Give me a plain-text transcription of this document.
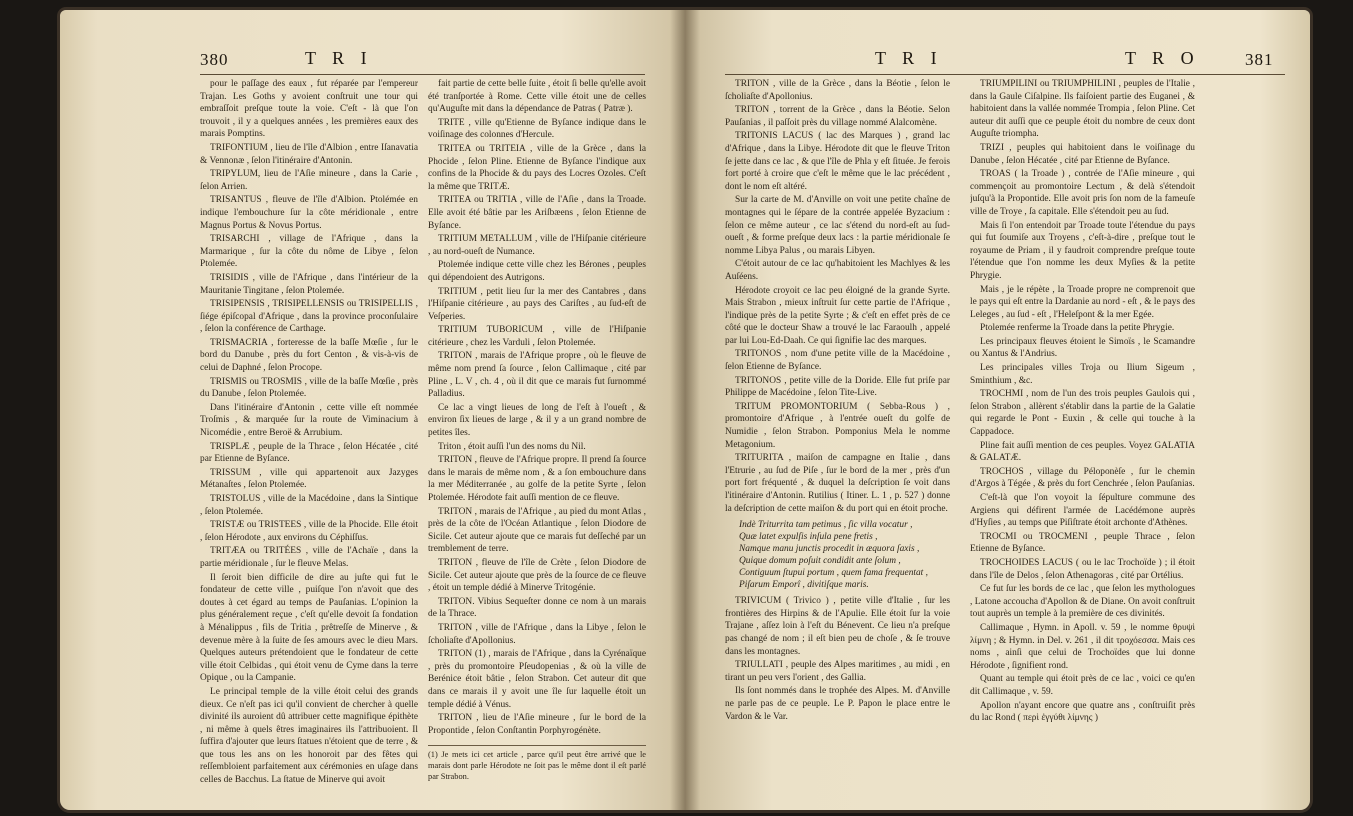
380	T R I

pour le paſſage des eaux , fut réparée par l'empereur Trajan. Les Goths y avoient conſtruit une tour qui embraſſoit preſque toute la voie. C'eſt - là que l'on trouvoit , il y a quelques années , les premières eaux des marais Pomptins.

TRIFONTIUM , lieu de l'île d'Albion , entre Iſanavatia & Vennonæ , ſelon l'itinéraire d'Antonin.

TRIPYLUM, lieu de l'Aſie mineure , dans la Carie , ſelon Arrien.

TRISANTUS , fleuve de l'île d'Albion. Ptolémée en indique l'embouchure ſur la côte méridionale , entre Magnus Portus & Novus Portus.

TRISARCHI , village de l'Afrique , dans la Marmarique , ſur la côte du nôme de Libye , ſelon Ptolemée.

TRISIDIS , ville de l'Afrique , dans l'intérieur de la Mauritanie Tingitane , ſelon Ptolemée.

TRISIPENSIS , TRISIPELLENSIS ou TRISIPELLIS , ſiége épiſcopal d'Afrique , dans la province proconſulaire , ſelon la conférence de Carthage.

TRISMACRIA , forteresse de la baſſe Mœſie , ſur le bord du Danube , près du fort Centon , & vis-à-vis de celui de Daphné , ſelon Procope.

TRISMIS ou TROSMIS , ville de la baſſe Mœſie , près du Danube , ſelon Ptolemée.

Dans l'itinéraire d'Antonin , cette ville eſt nommée Troſmis , & marquée ſur la route de Viminacium à Nicomédie , entre Beroë & Arrubium.

TRISPLÆ , peuple de la Thrace , ſelon Hécatée , cité par Etienne de Byſance.

TRISSUM , ville qui appartenoit aux Jazyges Métanaſtes , ſelon Ptolemée.

TRISTOLUS , ville de la Macédoine , dans la Sintique , ſelon Ptolemée.

TRISTÆ ou TRISTEES , ville de la Phocide. Elle étoit , ſelon Hérodote , aux environs du Céphiſſus.

TRITÆA ou TRITÉES , ville de l'Achaïe , dans la partie méridionale , ſur le fleuve Melas.

Il ſeroit bien difficile de dire au juſte qui fut le fondateur de cette ville , puiſque l'on n'avoit que des doutes à cet égard au temps de Pauſanias. L'opinion la plus généralement reçue , c'eſt qu'elle devoit ſa fondation à Ménalippus , fils de Tritia , prêtreſſe de Minerve , & devenue mère à la ſuite de ſes amours avec le dieu Mars. Quelques auteurs prétendoient que le fondateur de cette ville étoit Celbidas , qui étoit venu de Cyme dans la terre Opique , ou la Campanie.

Le principal temple de la ville étoit celui des grands dieux. Ce n'eſt pas ici qu'il convient de chercher à quelle divinité ils auroient dû attribuer cette magnifique épithète , ni même à quels êtres imaginaires ils l'attribuoient. Il ſuffira d'ajouter que leurs ſtatues n'étoient que de terre , & que tous les ans on les honoroit par des fêtes qui reſſembloient parfaitement aux cérémonies en uſage dans celles de Bacchus. La ſtatue de Minerve qui avoit

fait partie de cette belle ſuite , étoit ſi belle qu'elle avoit été tranſportée à Rome. Cette ville étoit une de celles qu'Auguſte mit dans la dépendance de Patras ( Patræ ).

TRITE , ville qu'Etienne de Byſance indique dans le voiſinage des colonnes d'Hercule.

TRITEA ou TRITEIA , ville de la Grèce , dans la Phocide , ſelon Pline. Etienne de Byſance l'indique aux confins de la Phocide & du pays des Locres Ozoles. C'eſt la même que TRITÆ.

TRITEA ou TRITIA , ville de l'Aſie , dans la Troade. Elle avoit été bâtie par les Ariſbæens , ſelon Etienne de Byſance.

TRITIUM METALLUM , ville de l'Hiſpanie citérieure , au nord-oueſt de Numance.

Ptolemée indique cette ville chez les Bérones , peuples qui dépendoient des Autrigons.

TRITIUM , petit lieu ſur la mer des Cantabres , dans l'Hiſpanie citérieure , au pays des Cariſtes , au ſud-eſt de Veſperies.

TRITIUM TUBORICUM , ville de l'Hiſpanie citérieure , chez les Varduli , ſelon Ptolemée.

TRITON , marais de l'Afrique propre , où le fleuve de même nom prend ſa ſource , ſelon Callimaque , cité par Pline , L. V , ch. 4 , où il dit que ce marais fut ſurnommé Palladius.

Ce lac a vingt lieues de long de l'eſt à l'oueſt , & environ ſix lieues de large , & il y a un grand nombre de petites îles.

Triton , étoit auſſi l'un des noms du Nil.

TRITON , fleuve de l'Afrique propre. Il prend ſa ſource dans le marais de même nom , & a ſon embouchure dans la mer Méditerranée , au golfe de la petite Syrte , ſelon Ptolemée. Hérodote fait auſſi mention de ce fleuve.

TRITON , marais de l'Afrique , au pied du mont Atlas , près de la côte de l'Océan Atlantique , ſelon Diodore de Sicile. Cet auteur ajoute que ce marais fut deſſeché par un tremblement de terre.

TRITON , fleuve de l'île de Crète , ſelon Diodore de Sicile. Cet auteur ajoute que près de la ſource de ce fleuve , étoit un temple dédié à Minerve Tritogénie.

TRITON. Vibius Sequeſter donne ce nom à un marais de la Thrace.

TRITON , ville de l'Afrique , dans la Libye , ſelon le ſcholiaſte d'Apollonius.

TRITON (1) , marais de l'Afrique , dans la Cyrénaïque , près du promontoire Pſeudopenias , & où la ville de Berénice étoit bâtie , ſelon Strabon. Cet auteur dit que dans ce marais il y avoit une île ſur laquelle étoit un temple dédié à Vénus.

TRITON , lieu de l'Aſie mineure , ſur le bord de la Propontide , ſelon Conſtantin Porphyrogénète.

(1) Je mets ici cet article , parce qu'il peut être arrivé que le marais dont parle Hérodote ne ſoit pas le même dont il eſt parlé par Strabon.
T R I	T R O	381

TRITON , ville de la Grèce , dans la Béotie , ſelon le ſcholiaſte d'Apollonius.

TRITON , torrent de la Grèce , dans la Béotie. Selon Pauſanias , il paſſoit près du village nommé Alalcomène.

TRITONIS LACUS ( lac des Marques ) , grand lac d'Afrique , dans la Libye. Hérodote dit que le fleuve Triton ſe jette dans ce lac , & que l'île de Phla y eſt ſituée. Je ferois fort porté à croire que c'eſt le même que le lac précédent , dont le nom eſt altéré.

Sur la carte de M. d'Anville on voit une petite chaîne de montagnes qui le ſépare de la contrée appelée Byzacium : ſelon ce même auteur , ce lac s'étend du nord-eſt au ſud-oueſt , & forme preſque deux lacs : la partie méridionale ſe nomme Libya Palus , ou marais Libyen.

C'étoit autour de ce lac qu'habitoient les Machlyes & les Auſéens.

Hérodote croyoit ce lac peu éloigné de la grande Syrte. Mais Strabon , mieux inſtruit ſur cette partie de l'Afrique , l'indique près de la petite Syrte ; & c'eſt en effet près de ce côté que le docteur Shaw a trouvé le lac Faraoulh , appelé par lui Lou-Ed-Daah. Ce qui ſignifie lac des marques.

TRITONOS , nom d'une petite ville de la Macédoine , ſelon Etienne de Byſance.

TRITONOS , petite ville de la Doride. Elle fut priſe par Philippe de Macédoine , ſelon Tite-Live.

TRITUM PROMONTORIUM ( Sebba-Rous ) , promontoire d'Afrique , à l'entrée oueſt du golfe de Numidie , ſelon Strabon. Pomponius Mela le nomme Metagonium.

TRITURITA , maiſon de campagne en Italie , dans l'Etrurie , au ſud de Piſe , ſur le bord de la mer , près d'un port fort fréquenté , & duquel la deſcription ſe voit dans l'itinéraire d'Antonin. Rutilius ( Itiner. L. 1 , p. 527 ) donne la deſcription de cette maiſon & du port qui en étoit proche.

Indè Triturrita tam petimus , ſic villa vocatur ,
Quæ latet expulſis inſula pene fretis ,
Namque manu junctis procedit in æquora ſaxis ,
Quique domum poſuit condidit ante ſolum ,
Contiguum ſtupui portum , quem fama frequentat ,
Piſarum Emporî , divitiſque maris.

TRIVICUM ( Trivico ) , petite ville d'Italie , ſur les frontières des Hirpins & de l'Apulie. Elle étoit ſur la voie Trajane , aſſez loin à l'eſt du Bénevent. Ce lieu n'a preſque pas changé de nom ; il eſt bien peu de choſe , & ſe trouve dans les montagnes.

TRIULLATI , peuple des Alpes maritimes , au midi , en tirant un peu vers l'orient , des Gallia.

Ils ſont nommés dans le trophée des Alpes. M. d'Anville ne parle pas de ce peuple. Le P. Papon le place entre le Vardon & le Var.

TRIUMPILINI ou TRIUMPHILINI , peuples de l'Italie , dans la Gaule Ciſalpine. Ils faiſoient partie des Euganei , & habitoient dans la vallée nommée Trompia , ſelon Pline. Cet auteur dit auſſi que ce peuple étoit du nombre de ceux dont Auguſte triompha.

TRIZI , peuples qui habitoient dans le voiſinage du Danube , ſelon Hécatée , cité par Etienne de Byſance.

TROAS ( la Troade ) , contrée de l'Aſie mineure , qui commençoit au promontoire Lectum , & delà s'étendoit juſqu'à la Propontide. Elle avoit pris ſon nom de la fameuſe ville de Troye , ſa capitale. Elle s'étendoit peu au ſud.

Mais ſi l'on entendoit par Troade toute l'étendue du pays qui fut ſoumiſe aux Troyens , c'eſt-à-dire , preſque tout le royaume de Priam , il y faudroit comprendre preſque toute l'étendue que l'on nomme les deux Myſies & la petite Phrygie.

Mais , je le répète , la Troade propre ne comprenoit que le pays qui eſt entre la Dardanie au nord - eſt , & le pays des Leleges , au ſud - eſt , l'Heleſpont & la mer Egée.

Ptolemée renferme la Troade dans la petite Phrygie.

Les principaux fleuves étoient le Simoïs , le Scamandre ou Xantus & l'Andrius.

Les principales villes Troja ou Ilium Sigeum , Sminthium , &c.

TROCHMI , nom de l'un des trois peuples Gaulois qui , ſelon Strabon , allèrent s'établir dans la partie de la Galatie qui regarde le Pont - Euxin , & celle qui touche à la Cappadoce.

Pline fait auſſi mention de ces peuples. Voyez GALATIA & GALATÆ.

TROCHOS , village du Péloponèſe , ſur le chemin d'Argos à Tégée , & près du fort Cenchrée , ſelon Pauſanias.

C'eſt-là que l'on voyoit la ſépulture commune des Argiens qui défirent l'armée de Lacédémone auprès d'Hyſies , au temps que Piſiſtrate étoit archonte d'Athènes.

TROCMI ou TROCMENI , peuple Thrace , ſelon Etienne de Byſance.

TROCHOIDES LACUS ( ou le lac Trochoïde ) ; il étoit dans l'île de Delos , ſelon Athenagoras , cité par Ortélius.

Ce fut ſur les bords de ce lac , que ſelon les mythologues , Latone accoucha d'Apollon & de Diane. On avoit conſtruit tout auprès un temple à la première de ces divinités.

Callimaque , Hymn. in Apoll. v. 59 , le nomme θρυψὶ λίμνη ; & Hymn. in Del. v. 261 , il dit τροχόεσσα. Mais ces noms , ainſi que celui de Trochoïdes que lui donne Hérodote , ſignifient rond.

Quant au temple qui étoit près de ce lac , voici ce qu'en dit Callimaque , v. 59.

Apollon n'ayant encore que quatre ans , conſtruiſit près du lac Rond ( περὶ ἐγγύθι λίμνης )
